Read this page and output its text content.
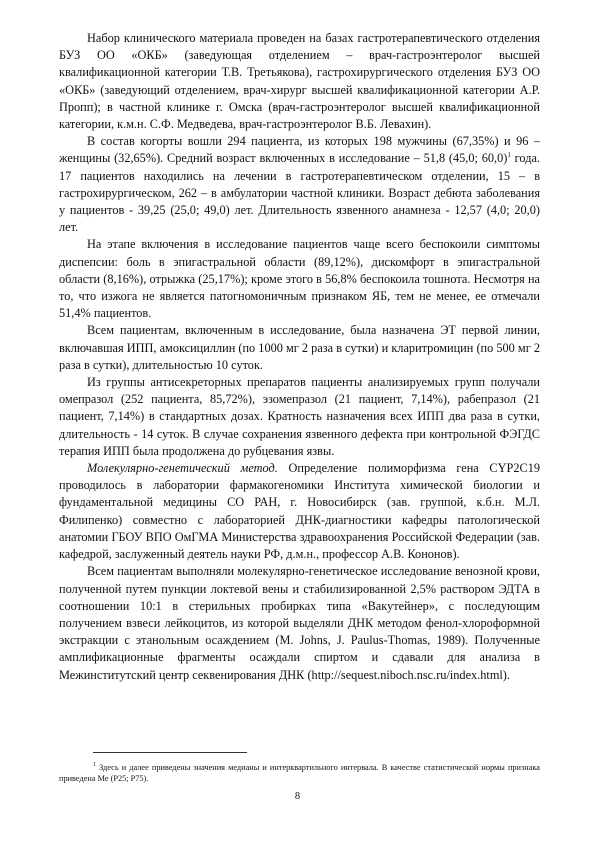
Набор клинического материала проведен на базах гастротерапевтического отделения БУЗ ОО «ОКБ» (заведующая отделением – врач-гастроэнтеролог высшей квалификационной категории Т.В. Третьякова), гастрохирургического отделения БУЗ ОО «ОКБ» (заведующий отделением, врач-хирург высшей квалификационной категории А.Р. Пропп); в частной клинике г. Омска (врач-гастроэнтеролог высшей квалификационной категории, к.м.н. С.Ф. Медведева, врач-гастроэнтеролог В.Б. Левахин).

В состав когорты вошли 294 пациента, из которых 198 мужчины (67,35%) и 96 – женщины (32,65%). Средний возраст включенных в исследование – 51,8 (45,0; 60,0)$^1$ года. 17 пациентов находились на лечении в гастротерапевтическом отделении, 15 – в гастрохирургическом, 262 – в амбулатории частной клиники. Возраст дебюта заболевания у пациентов - 39,25 (25,0; 49,0) лет. Длительность язвенного анамнеза - 12,57 (4,0; 20,0) лет.

На этапе включения в исследование пациентов чаще всего беспокоили симптомы диспепсии: боль в эпигастральной области (89,12%), дискомфорт в эпигастральной области (8,16%), отрыжка (25,17%); кроме этого в 56,8% беспокоила тошнота. Несмотря на то, что изжога не является патогномоничным признаком ЯБ, тем не менее, ее отмечали 51,4% пациентов.

Всем пациентам, включенным в исследование, была назначена ЭТ первой линии, включавшая ИПП, амоксициллин (по 1000 мг 2 раза в сутки) и кларитромицин (по 500 мг 2 раза в сутки), длительностью 10 суток.

Из группы антисекреторных препаратов пациенты анализируемых групп получали омепразол (252 пациента, 85,72%), эзомепразол (21 пациент, 7,14%), рабепразол (21 пациент, 7,14%) в стандартных дозах. Кратность назначения всех ИПП два раза в сутки, длительность - 14 суток. В случае сохранения язвенного дефекта при контрольной ФЭГДС терапия ИПП была продолжена до рубцевания язвы.

Молекулярно-генетический метод. Определение полиморфизма гена CYP2C19 проводилось в лаборатории фармакогеномики Института химической биологии и фундаментальной медицины СО РАН, г. Новосибирск (зав. группой, к.б.н. М.Л. Филипенко) совместно с лабораторией ДНК-диагностики кафедры патологической анатомии ГБОУ ВПО ОмГМА Министерства здравоохранения Российской Федерации (зав. кафедрой, заслуженный деятель науки РФ, д.м.н., профессор А.В. Кононов).

Всем пациентам выполняли молекулярно-генетическое исследование венозной крови, полученной путем пункции локтевой вены и стабилизированной 2,5% раствором ЭДТА в соотношении 10:1 в стерильных пробирках типа «Вакутейнер», с последующим получением взвеси лейкоцитов, из которой выделяли ДНК методом фенол-хлороформной экстракции с этанольным осаждением (M. Johns, J. Paulus-Thomas, 1989). Полученные амплификационные фрагменты осаждали спиртом и сдавали для анализа в Межинститутский центр секвенирования ДНК (http://sequest.niboch.nsc.ru/index.html).

$^1$ Здесь и далее приведены значения медианы и интерквартильного интервала. В качестве статистической нормы признака приведена Ме (Р25; Р75).

8
